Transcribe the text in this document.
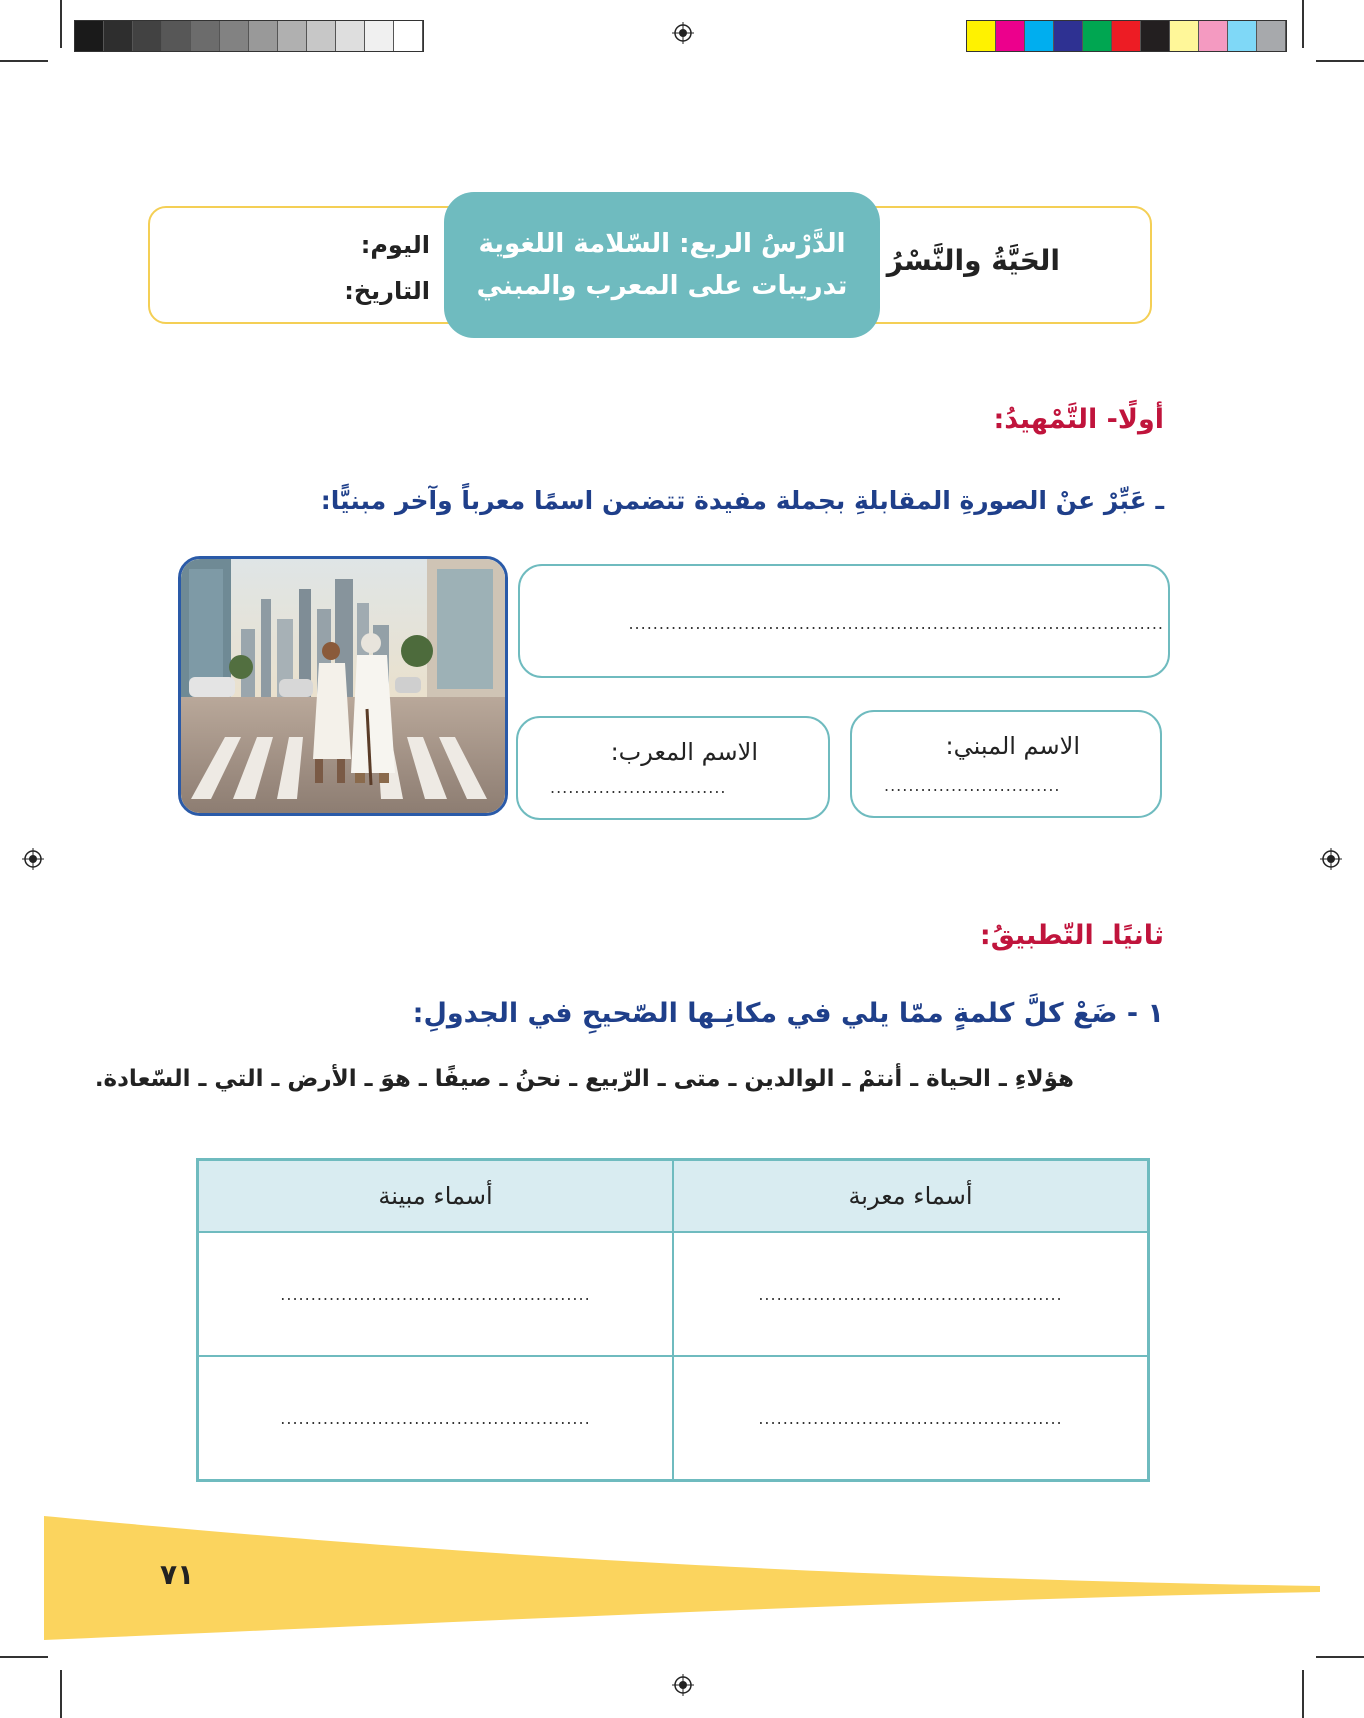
الحَيَّةُ والنَّسْرُ
الدَّرْسُ الربع: السّلامة اللغوية
تدريبات على المعرب والمبني
اليوم:
التاريخ:
أولًا- التَّمْهيدُ:
ـ عَبِّرْ عنْ الصورةِ المقابلةِ بجملة مفيدة تتضمن اسمًا معرباً وآخر مبنيًّا:
........................................................................................
الاسم المبني:
.............................
الاسم المعرب:
.............................
ثانيًاـ التّطبيقُ:
١ - ضَعْ كلَّ كلمةٍ ممّا يلي في مكانِـها الصّحيحِ في الجدولِ:
هؤلاءِ ـ الحياة ـ أنتمْ ـ الوالدين ـ متى ـ الرّبيع ـ نحنُ ـ صيفًا ـ هوَ ـ الأرض ـ التي ـ السّعادة.
أسماء معربة	أسماء مبينة
..................................................	...................................................
..................................................	...................................................
٧١
